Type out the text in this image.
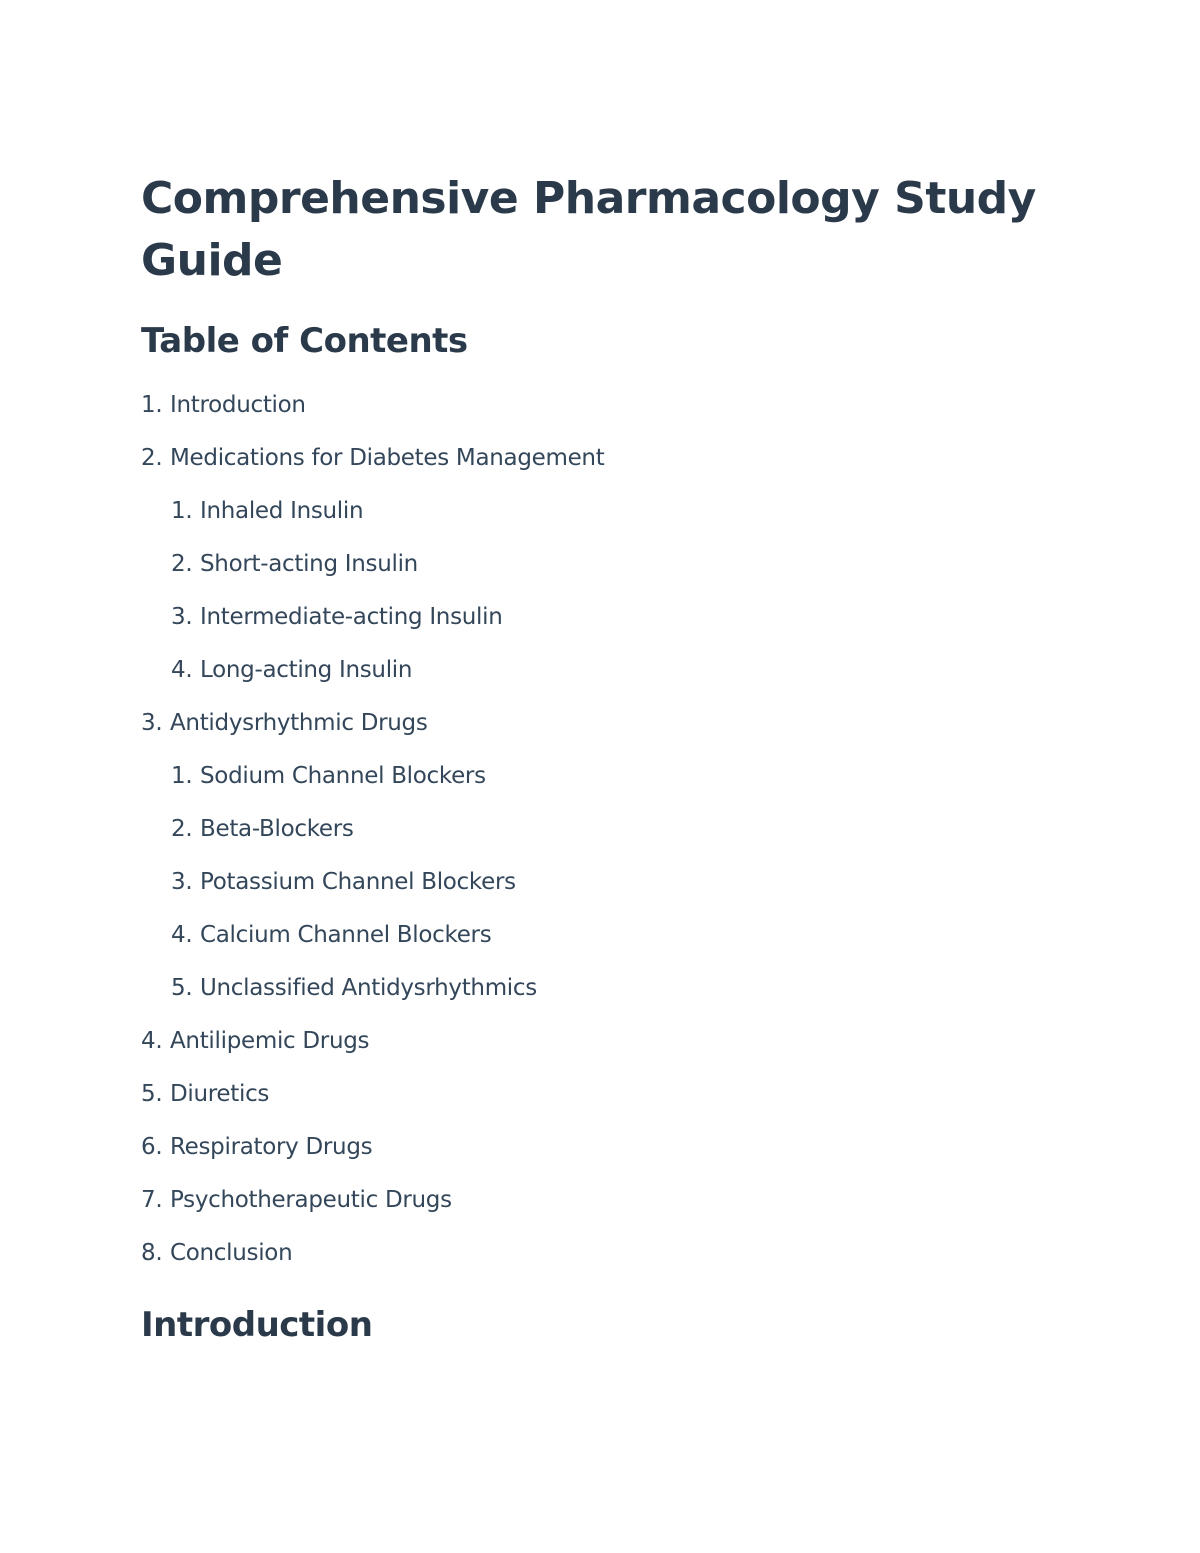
Comprehensive Pharmacology Study Guide
Table of Contents
1. Introduction
2. Medications for Diabetes Management
1. Inhaled Insulin
2. Short-acting Insulin
3. Intermediate-acting Insulin
4. Long-acting Insulin
3. Antidysrhythmic Drugs
1. Sodium Channel Blockers
2. Beta-Blockers
3. Potassium Channel Blockers
4. Calcium Channel Blockers
5. Unclassified Antidysrhythmics
4. Antilipemic Drugs
5. Diuretics
6. Respiratory Drugs
7. Psychotherapeutic Drugs
8. Conclusion
Introduction
